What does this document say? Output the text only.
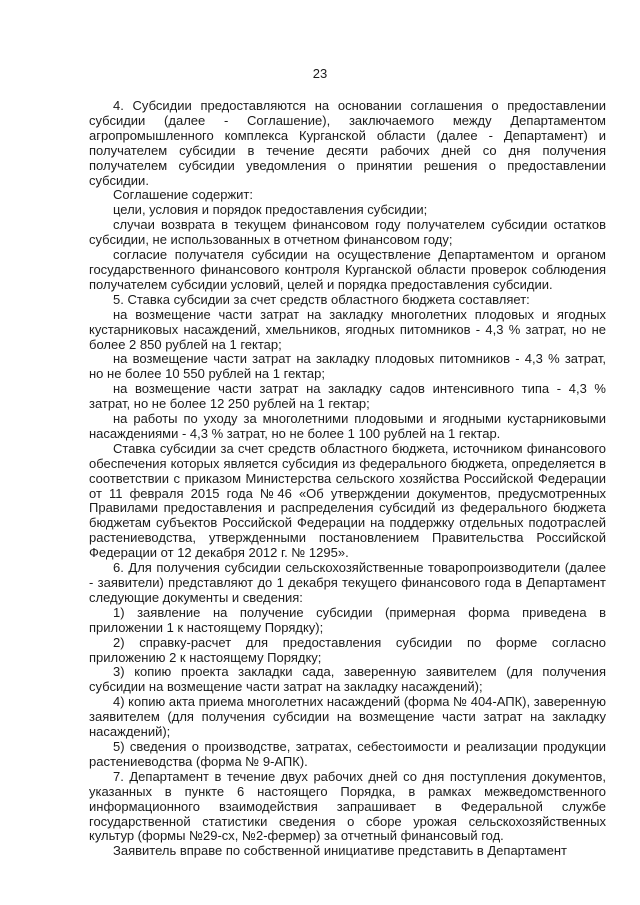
23

4. Субсидии предоставляются на основании соглашения о предоставлении субсидии (далее - Соглашение), заключаемого между Департаментом агропромышленного комплекса Курганской области (далее - Департамент) и получателем субсидии в течение десяти рабочих дней со дня получения получателем субсидии уведомления о принятии решения о предоставлении субсидии.

Соглашение содержит:

цели, условия и порядок предоставления субсидии;

случаи возврата в текущем финансовом году получателем субсидии остатков субсидии, не использованных в отчетном финансовом году;

согласие получателя субсидии на осуществление Департаментом и органом государственного финансового контроля Курганской области проверок соблюдения получателем субсидии условий, целей и порядка предоставления субсидии.

5. Ставка субсидии за счет средств областного бюджета составляет:

на возмещение части затрат на закладку многолетних плодовых и ягодных кустарниковых насаждений, хмельников, ягодных питомников - 4,3 % затрат, но не более 2 850 рублей на 1 гектар;

на возмещение части затрат на закладку плодовых питомников - 4,3 % затрат, но не более 10 550 рублей на 1 гектар;

на возмещение части затрат на закладку садов интенсивного типа - 4,3 % затрат, но не более 12 250 рублей на 1 гектар;

на работы по уходу за многолетними плодовыми и ягодными кустарниковыми насаждениями - 4,3 % затрат, но не более 1 100 рублей на 1 гектар.

Ставка субсидии за счет средств областного бюджета, источником финансового обеспечения которых является субсидия из федерального бюджета, определяется в соответствии с приказом Министерства сельского хозяйства Российской Федерации от 11 февраля 2015 года №46 «Об утверждении документов, предусмотренных Правилами предоставления и распределения субсидий из федерального бюджета бюджетам субъектов Российской Федерации на поддержку отдельных подотраслей растениеводства, утвержденными постановлением Правительства Российской Федерации от 12 декабря 2012 г. № 1295».

6. Для получения субсидии сельскохозяйственные товаропроизводители (далее - заявители) представляют до 1 декабря текущего финансового года в Департамент следующие документы и сведения:

1) заявление на получение субсидии (примерная форма приведена в приложении 1 к настоящему Порядку);

2) справку-расчет для предоставления субсидии по форме согласно приложению 2 к настоящему Порядку;

3) копию проекта закладки сада, заверенную заявителем (для получения субсидии на возмещение части затрат на закладку насаждений);

4) копию акта приема многолетних насаждений (форма № 404-АПК), заверенную заявителем (для получения субсидии на возмещение части затрат на закладку насаждений);

5) сведения о производстве, затратах, себестоимости и реализации продукции растениеводства (форма № 9-АПК).

7. Департамент в течение двух рабочих дней со дня поступления документов, указанных в пункте 6 настоящего Порядка, в рамках межведомственного информационного взаимодействия запрашивает в Федеральной службе государственной статистики сведения о сборе урожая сельскохозяйственных культур (формы №29-сх, №2-фермер) за отчетный финансовый год.

Заявитель вправе по собственной инициативе представить в Департамент
